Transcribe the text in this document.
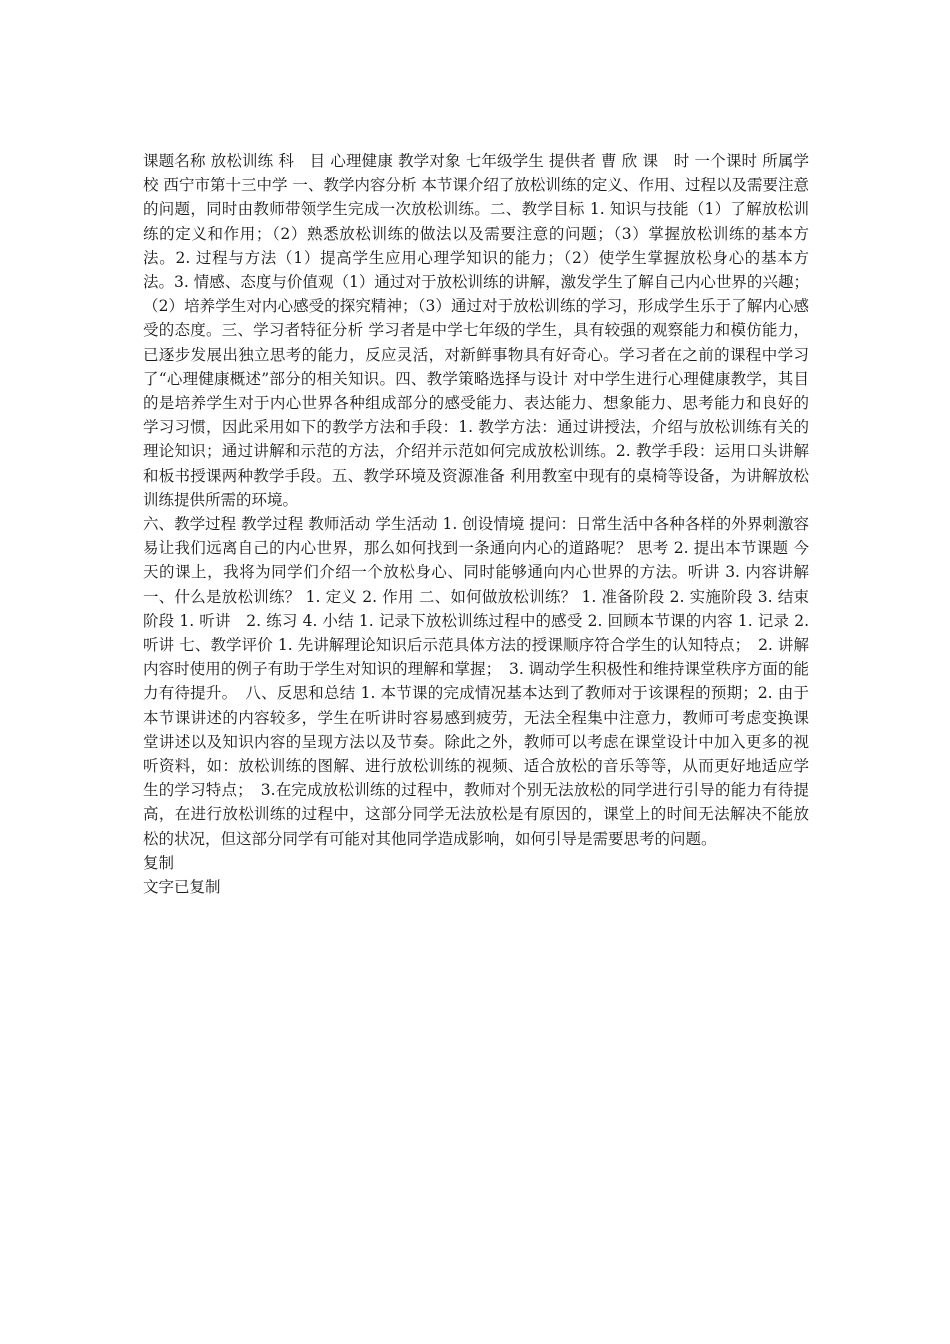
课题名称 放松训练 科　目 心理健康 教学对象 七年级学生 提供者 曹 欣 课　时 一个课时 所属学校 西宁市第十三中学 一、教学内容分析 本节课介绍了放松训练的定义、作用、过程以及需要注意的问题，同时由教师带领学生完成一次放松训练。二、教学目标 1. 知识与技能（1）了解放松训练的定义和作用；（2）熟悉放松训练的做法以及需要注意的问题；（3）掌握放松训练的基本方法。2. 过程与方法（1）提高学生应用心理学知识的能力；（2）使学生掌握放松身心的基本方法。3. 情感、态度与价值观（1）通过对于放松训练的讲解，激发学生了解自己内心世界的兴趣；（2）培养学生对内心感受的探究精神；（3）通过对于放松训练的学习，形成学生乐于了解内心感受的态度。三、学习者特征分析 学习者是中学七年级的学生，具有较强的观察能力和模仿能力，已逐步发展出独立思考的能力，反应灵活，对新鲜事物具有好奇心。学习者在之前的课程中学习了“心理健康概述”部分的相关知识。四、教学策略选择与设计 对中学生进行心理健康教学，其目的是培养学生对于内心世界各种组成部分的感受能力、表达能力、想象能力、思考能力和良好的学习习惯，因此采用如下的教学方法和手段：1. 教学方法：通过讲授法，介绍与放松训练有关的理论知识；通过讲解和示范的方法，介绍并示范如何完成放松训练。2. 教学手段：运用口头讲解和板书授课两种教学手段。五、教学环境及资源准备 利用教室中现有的桌椅等设备，为讲解放松训练提供所需的环境。

六、教学过程 教学过程 教师活动 学生活动 1. 创设情境 提问：日常生活中各种各样的外界刺激容易让我们远离自己的内心世界，那么如何找到一条通向内心的道路呢？ 思考 2. 提出本节课题 今天的课上，我将为同学们介绍一个放松身心、同时能够通向内心世界的方法。听讲 3. 内容讲解 一、什么是放松训练？ 1. 定义 2. 作用 二、如何做放松训练？ 1. 准备阶段 2. 实施阶段 3. 结束阶段 1. 听讲　2. 练习 4. 小结 1. 记录下放松训练过程中的感受 2. 回顾本节课的内容 1. 记录 2. 听讲 七、教学评价 1. 先讲解理论知识后示范具体方法的授课顺序符合学生的认知特点；　2. 讲解内容时使用的例子有助于学生对知识的理解和掌握；　3. 调动学生积极性和维持课堂秩序方面的能力有待提升。　八、反思和总结 1. 本节课的完成情况基本达到了教师对于该课程的预期；2. 由于本节课讲述的内容较多，学生在听讲时容易感到疲劳，无法全程集中注意力，教师可考虑变换课堂讲述以及知识内容的呈现方法以及节奏。除此之外，教师可以考虑在课堂设计中加入更多的视听资料，如：放松训练的图解、进行放松训练的视频、适合放松的音乐等等，从而更好地适应学生的学习特点；　3.在完成放松训练的过程中，教师对个别无法放松的同学进行引导的能力有待提高，在进行放松训练的过程中，这部分同学无法放松是有原因的，课堂上的时间无法解决不能放松的状况，但这部分同学有可能对其他同学造成影响，如何引导是需要思考的问题。

复制

文字已复制
